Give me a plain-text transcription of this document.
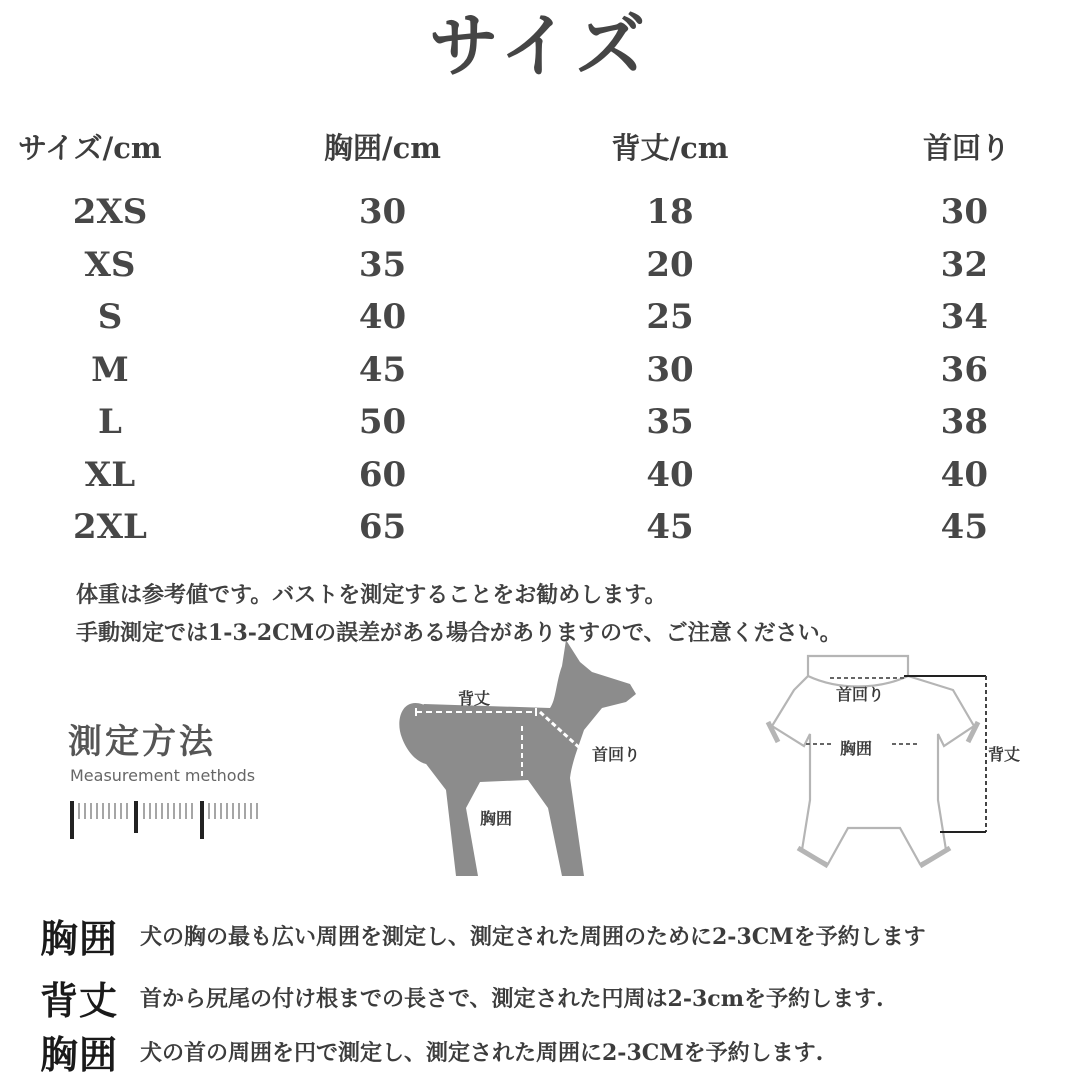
サイズ
サイズ/cm	胸囲/cm	背丈/cm	首回り
2XS	30	18	30
XS	35	20	32
S	40	25	34
M	45	30	36
L	50	35	38
XL	60	40	40
2XL	65	45	45
体重は参考値です。バストを測定することをお勧めします。
手動測定では1-3-2CMの誤差がある場合がありますので、ご注意ください。
測定方法
Measurement methods
背丈
首回り
胸囲
首回り
胸囲	背丈
胸囲 犬の胸の最も広い周囲を測定し、測定された周囲のために2-3CMを予約します
背丈 首から尻尾の付け根までの長さで、測定された円周は2-3cmを予約します.
胸囲 犬の首の周囲を円で測定し、測定された周囲に2-3CMを予約します.
